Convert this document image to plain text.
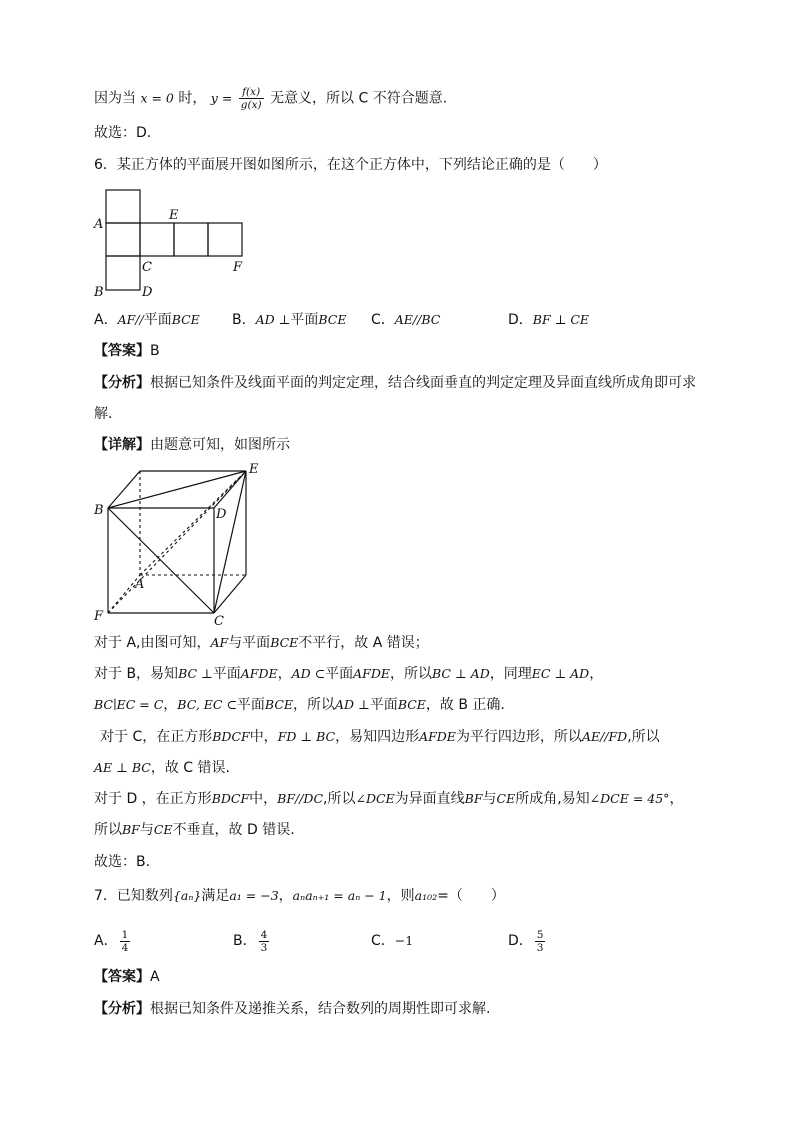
因为当 x = 0 时， $y = \frac{f(x)}{g(x)}$ 无意义，所以 C 不符合题意.
故选：D.
6．某正方体的平面展开图如图所示，在这个正方体中，下列结论正确的是（　　）
A
E
C	F
B	D
A．AF//平面BCE B．AD ⊥平面BCE C．AE//BC	D．BF ⊥ CE
【答案】B
【分析】根据已知条件及线面平面的判定定理，结合线面垂直的判定定理及异面直线所成角即可求
解.
【详解】由题意可知，如图所示
B	D
E
A
F	C
对于 A,由图可知，AF与平面BCE不平行，故 A 错误；
对于 B，易知BC ⊥平面AFDE，AD ⊂平面AFDE，所以BC ⊥ AD，同理EC ⊥ AD，
BC∣EC = C，BC, EC ⊂平面BCE，所以AD ⊥平面BCE，故 B 正确.
对于 C，在正方形BDCF中，FD ⊥ BC，易知四边形AFDE为平行四边形，所以AE//FD,所以
AE ⊥ BC，故 C 错误.
对于 D ，在正方形BDCF中，BF//DC,所以∠DCE为异面直线BF与CE所成角,易知∠DCE = 45°，
所以BF与CE不垂直，故 D 错误.
故选：B.
7．已知数列{aₙ}满足a₁ = −3，aₙaₙ₊₁ = aₙ − 1，则a₁₀₂=（　　）
A． $\frac{1}{4}$	B． $\frac{4}{3}$	C．−1	D． $\frac{5}{3}$
【答案】A
【分析】根据已知条件及递推关系，结合数列的周期性即可求解.
